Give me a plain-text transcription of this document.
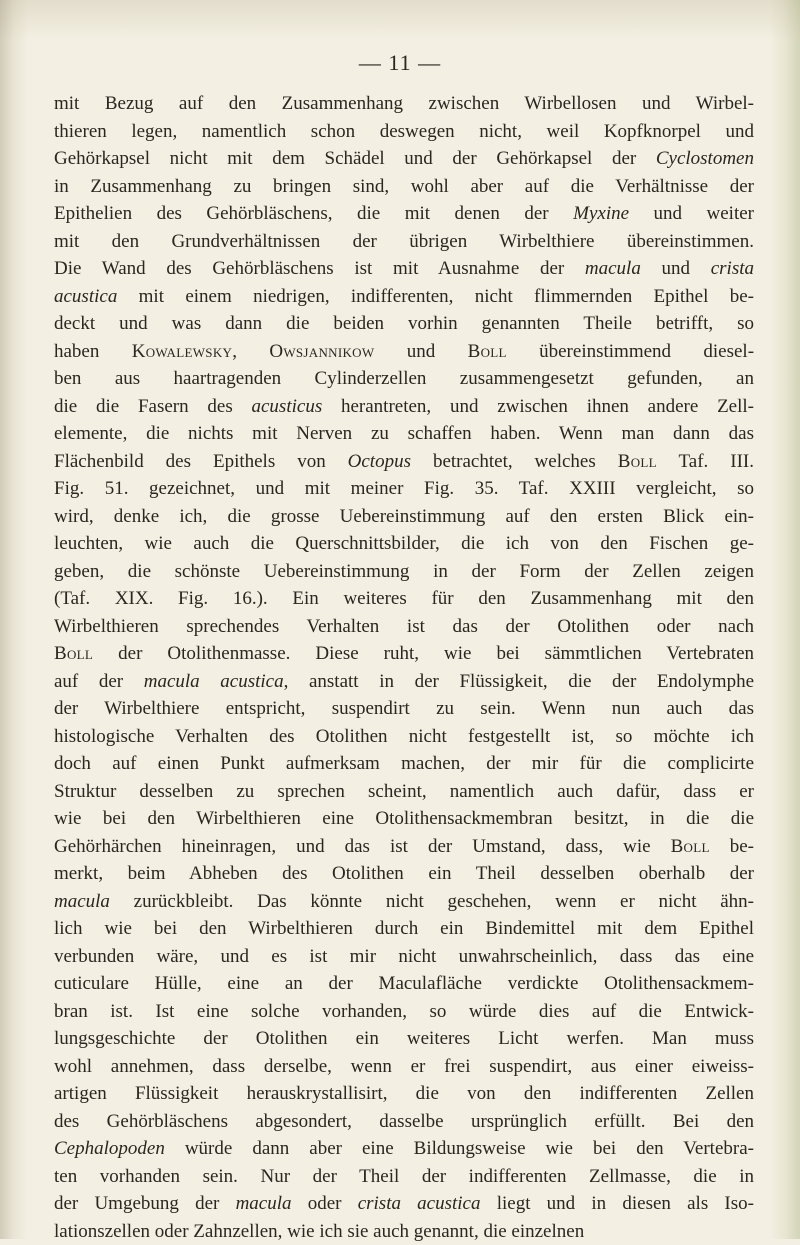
— 11 —
mit Bezug auf den Zusammenhang zwischen Wirbellosen und Wirbel-
thieren legen, namentlich schon deswegen nicht, weil Kopfknorpel und
Gehörkapsel nicht mit dem Schädel und der Gehörkapsel der Cyclostomen
in Zusammenhang zu bringen sind, wohl aber auf die Verhältnisse der
Epithelien des Gehörbläschens, die mit denen der Myxine und weiter
mit den Grundverhältnissen der übrigen Wirbelthiere übereinstimmen.
Die Wand des Gehörbläschens ist mit Ausnahme der macula und crista
acustica mit einem niedrigen, indifferenten, nicht flimmernden Epithel be-
deckt und was dann die beiden vorhin genannten Theile betrifft, so
haben Kowalewsky, Owsjannikow und Boll übereinstimmend diesel-
ben aus haartragenden Cylinderzellen zusammengesetzt gefunden, an
die die Fasern des acusticus herantreten, und zwischen ihnen andere Zell-
elemente, die nichts mit Nerven zu schaffen haben. Wenn man dann das
Flächenbild des Epithels von Octopus betrachtet, welches Boll Taf. III.
Fig. 51. gezeichnet, und mit meiner Fig. 35. Taf. XXIII vergleicht, so
wird, denke ich, die grosse Uebereinstimmung auf den ersten Blick ein-
leuchten, wie auch die Querschnittsbilder, die ich von den Fischen ge-
geben, die schönste Uebereinstimmung in der Form der Zellen zeigen
(Taf. XIX. Fig. 16.). Ein weiteres für den Zusammenhang mit den
Wirbelthieren sprechendes Verhalten ist das der Otolithen oder nach
Boll der Otolithenmasse. Diese ruht, wie bei sämmtlichen Vertebraten
auf der macula acustica, anstatt in der Flüssigkeit, die der Endolymphe
der Wirbelthiere entspricht, suspendirt zu sein. Wenn nun auch das
histologische Verhalten des Otolithen nicht festgestellt ist, so möchte ich
doch auf einen Punkt aufmerksam machen, der mir für die complicirte
Struktur desselben zu sprechen scheint, namentlich auch dafür, dass er
wie bei den Wirbelthieren eine Otolithensackmembran besitzt, in die die
Gehörhärchen hineinragen, und das ist der Umstand, dass, wie Boll be-
merkt, beim Abheben des Otolithen ein Theil desselben oberhalb der
macula zurückbleibt. Das könnte nicht geschehen, wenn er nicht ähn-
lich wie bei den Wirbelthieren durch ein Bindemittel mit dem Epithel
verbunden wäre, und es ist mir nicht unwahrscheinlich, dass das eine
cuticulare Hülle, eine an der Maculafläche verdickte Otolithensackmem-
bran ist. Ist eine solche vorhanden, so würde dies auf die Entwick-
lungsgeschichte der Otolithen ein weiteres Licht werfen. Man muss
wohl annehmen, dass derselbe, wenn er frei suspendirt, aus einer eiweiss-
artigen Flüssigkeit herauskrystallisirt, die von den indifferenten Zellen
des Gehörbläschens abgesondert, dasselbe ursprünglich erfüllt. Bei den
Cephalopoden würde dann aber eine Bildungsweise wie bei den Vertebra-
ten vorhanden sein. Nur der Theil der indifferenten Zellmasse, die in
der Umgebung der macula oder crista acustica liegt und in diesen als Iso-
lationszellen oder Zahnzellen, wie ich sie auch genannt, die einzelnen
